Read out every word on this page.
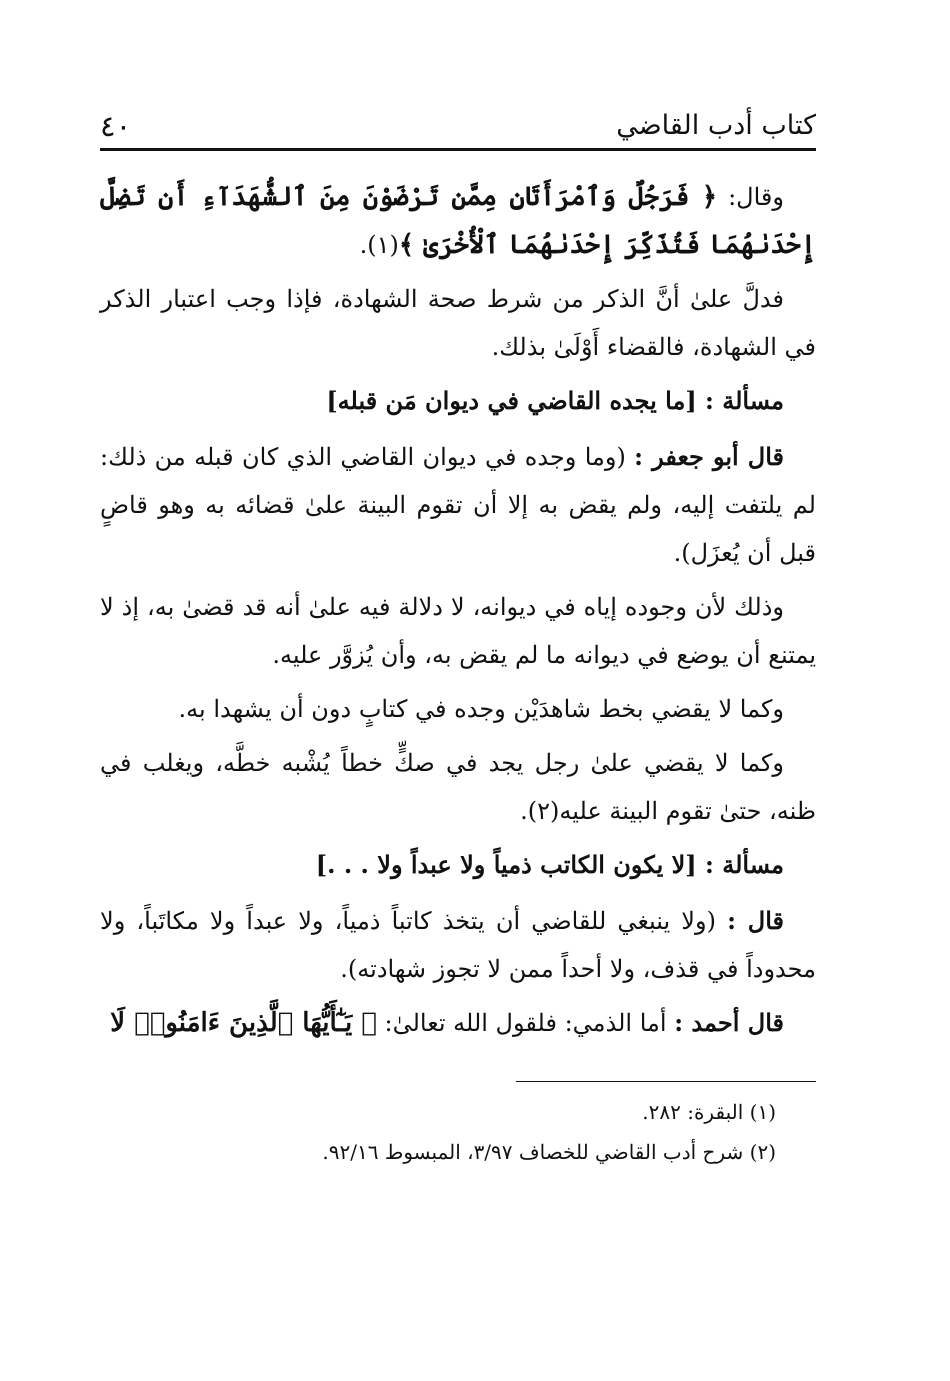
كتاب أدب القاضي
٤٠

وقال: ﴿ فَرَجُلٌ وَٱمْرَأَتَانِ مِمَّن تَرْضَوْنَ مِنَ ٱلشُّهَدَآءِ أَن تَضِلَّ إِحْدَىٰهُمَا فَتُذَكِّرَ إِحْدَىٰهُمَا ٱلْأُخْرَىٰ ﴾(١).

فدلَّ علىٰ أنَّ الذكر من شرط صحة الشهادة، فإذا وجب اعتبار الذكر في الشهادة، فالقضاء أَوْلَىٰ بذلك.

مسألة : [ما يجده القاضي في ديوان مَن قبله]

قال أبو جعفر : (وما وجده في ديوان القاضي الذي كان قبله من ذلك: لم يلتفت إليه، ولم يقض به إلا أن تقوم البينة علىٰ قضائه به وهو قاضٍ قبل أن يُعزَل).

وذلك لأن وجوده إياه في ديوانه، لا دلالة فيه علىٰ أنه قد قضىٰ به، إذ لا يمتنع أن يوضع في ديوانه ما لم يقض به، وأن يُزوَّر عليه.

وكما لا يقضي بخط شاهدَيْن وجده في كتابٍ دون أن يشهدا به.

وكما لا يقضي علىٰ رجل يجد في صكٍّ خطاً يُشْبه خطَّه، ويغلب في ظنه، حتىٰ تقوم البينة عليه(٢).

مسألة : [لا يكون الكاتب ذمياً ولا عبداً ولا . . .]

قال : (ولا ينبغي للقاضي أن يتخذ كاتباً ذمياً، ولا عبداً ولا مكاتَباً، ولا محدوداً في قذف، ولا أحداً ممن لا تجوز شهادته).

قال أحمد : أما الذمي: فلقول الله تعالىٰ: ﴿ يَـٰٓأَيُّهَا ٱلَّذِينَ ءَامَنُوا۟ لَا

(١) البقرة: ٢٨٢.
(٢) شرح أدب القاضي للخصاف ٣/٩٧، المبسوط ٩٢/١٦.
